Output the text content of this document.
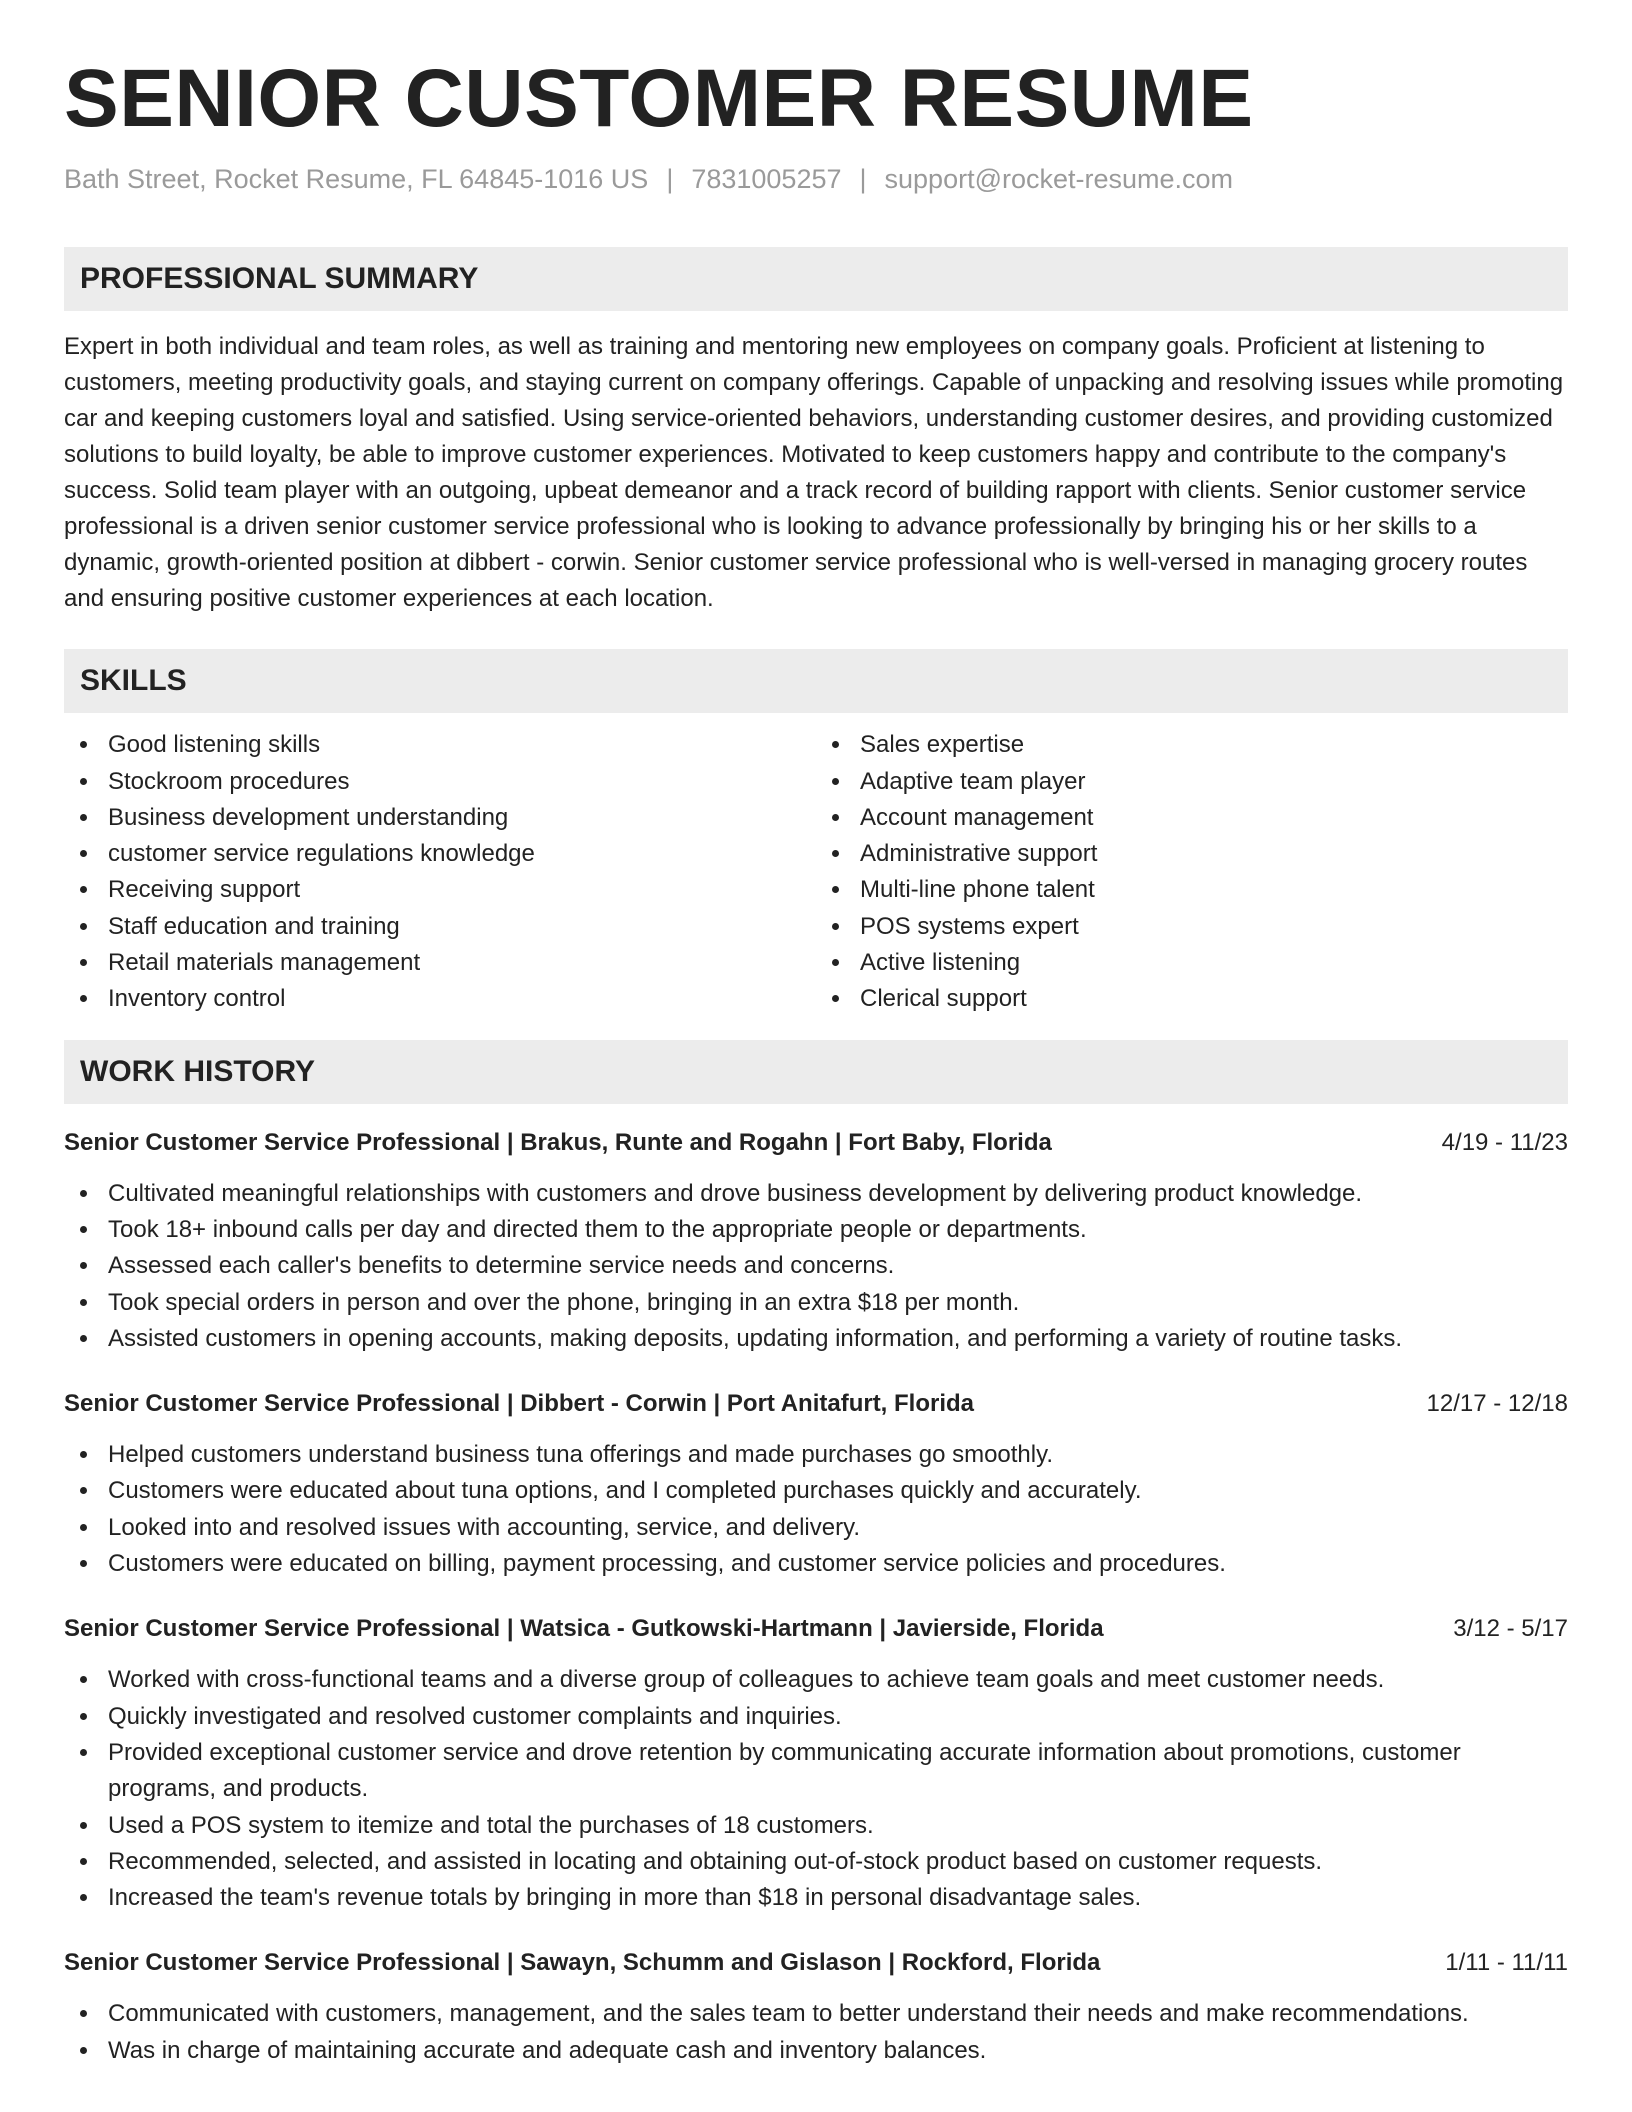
SENIOR CUSTOMER RESUME
Bath Street, Rocket Resume, FL 64845-1016 US | 7831005257 | support@rocket-resume.com
PROFESSIONAL SUMMARY

Expert in both individual and team roles, as well as training and mentoring new employees on company goals. Proficient at listening to customers, meeting productivity goals, and staying current on company offerings. Capable of unpacking and resolving issues while promoting car and keeping customers loyal and satisfied. Using service-oriented behaviors, understanding customer desires, and providing customized solutions to build loyalty, be able to improve customer experiences. Motivated to keep customers happy and contribute to the company's success. Solid team player with an outgoing, upbeat demeanor and a track record of building rapport with clients. Senior customer service professional is a driven senior customer service professional who is looking to advance professionally by bringing his or her skills to a dynamic, growth-oriented position at dibbert - corwin. Senior customer service professional who is well-versed in managing grocery routes and ensuring positive customer experiences at each location.

SKILLS
Good listening skills
Stockroom procedures
Business development understanding
customer service regulations knowledge
Receiving support
Staff education and training
Retail materials management
Inventory control
Sales expertise
Adaptive team player
Account management
Administrative support
Multi-line phone talent
POS systems expert
Active listening
Clerical support
WORK HISTORY
Senior Customer Service Professional | Brakus, Runte and Rogahn | Fort Baby, Florida	4/19 - 11/23
Cultivated meaningful relationships with customers and drove business development by delivering product knowledge.
Took 18+ inbound calls per day and directed them to the appropriate people or departments.
Assessed each caller's benefits to determine service needs and concerns.
Took special orders in person and over the phone, bringing in an extra $18 per month.
Assisted customers in opening accounts, making deposits, updating information, and performing a variety of routine tasks.
Senior Customer Service Professional | Dibbert - Corwin | Port Anitafurt, Florida	12/17 - 12/18
Helped customers understand business tuna offerings and made purchases go smoothly.
Customers were educated about tuna options, and I completed purchases quickly and accurately.
Looked into and resolved issues with accounting, service, and delivery.
Customers were educated on billing, payment processing, and customer service policies and procedures.
Senior Customer Service Professional | Watsica - Gutkowski-Hartmann | Javierside, Florida	3/12 - 5/17
Worked with cross-functional teams and a diverse group of colleagues to achieve team goals and meet customer needs.
Quickly investigated and resolved customer complaints and inquiries.
Provided exceptional customer service and drove retention by communicating accurate information about promotions, customer programs, and products.
Used a POS system to itemize and total the purchases of 18 customers.
Recommended, selected, and assisted in locating and obtaining out-of-stock product based on customer requests.
Increased the team's revenue totals by bringing in more than $18 in personal disadvantage sales.
Senior Customer Service Professional | Sawayn, Schumm and Gislason | Rockford, Florida	1/11 - 11/11
Communicated with customers, management, and the sales team to better understand their needs and make recommendations.
Was in charge of maintaining accurate and adequate cash and inventory balances.
